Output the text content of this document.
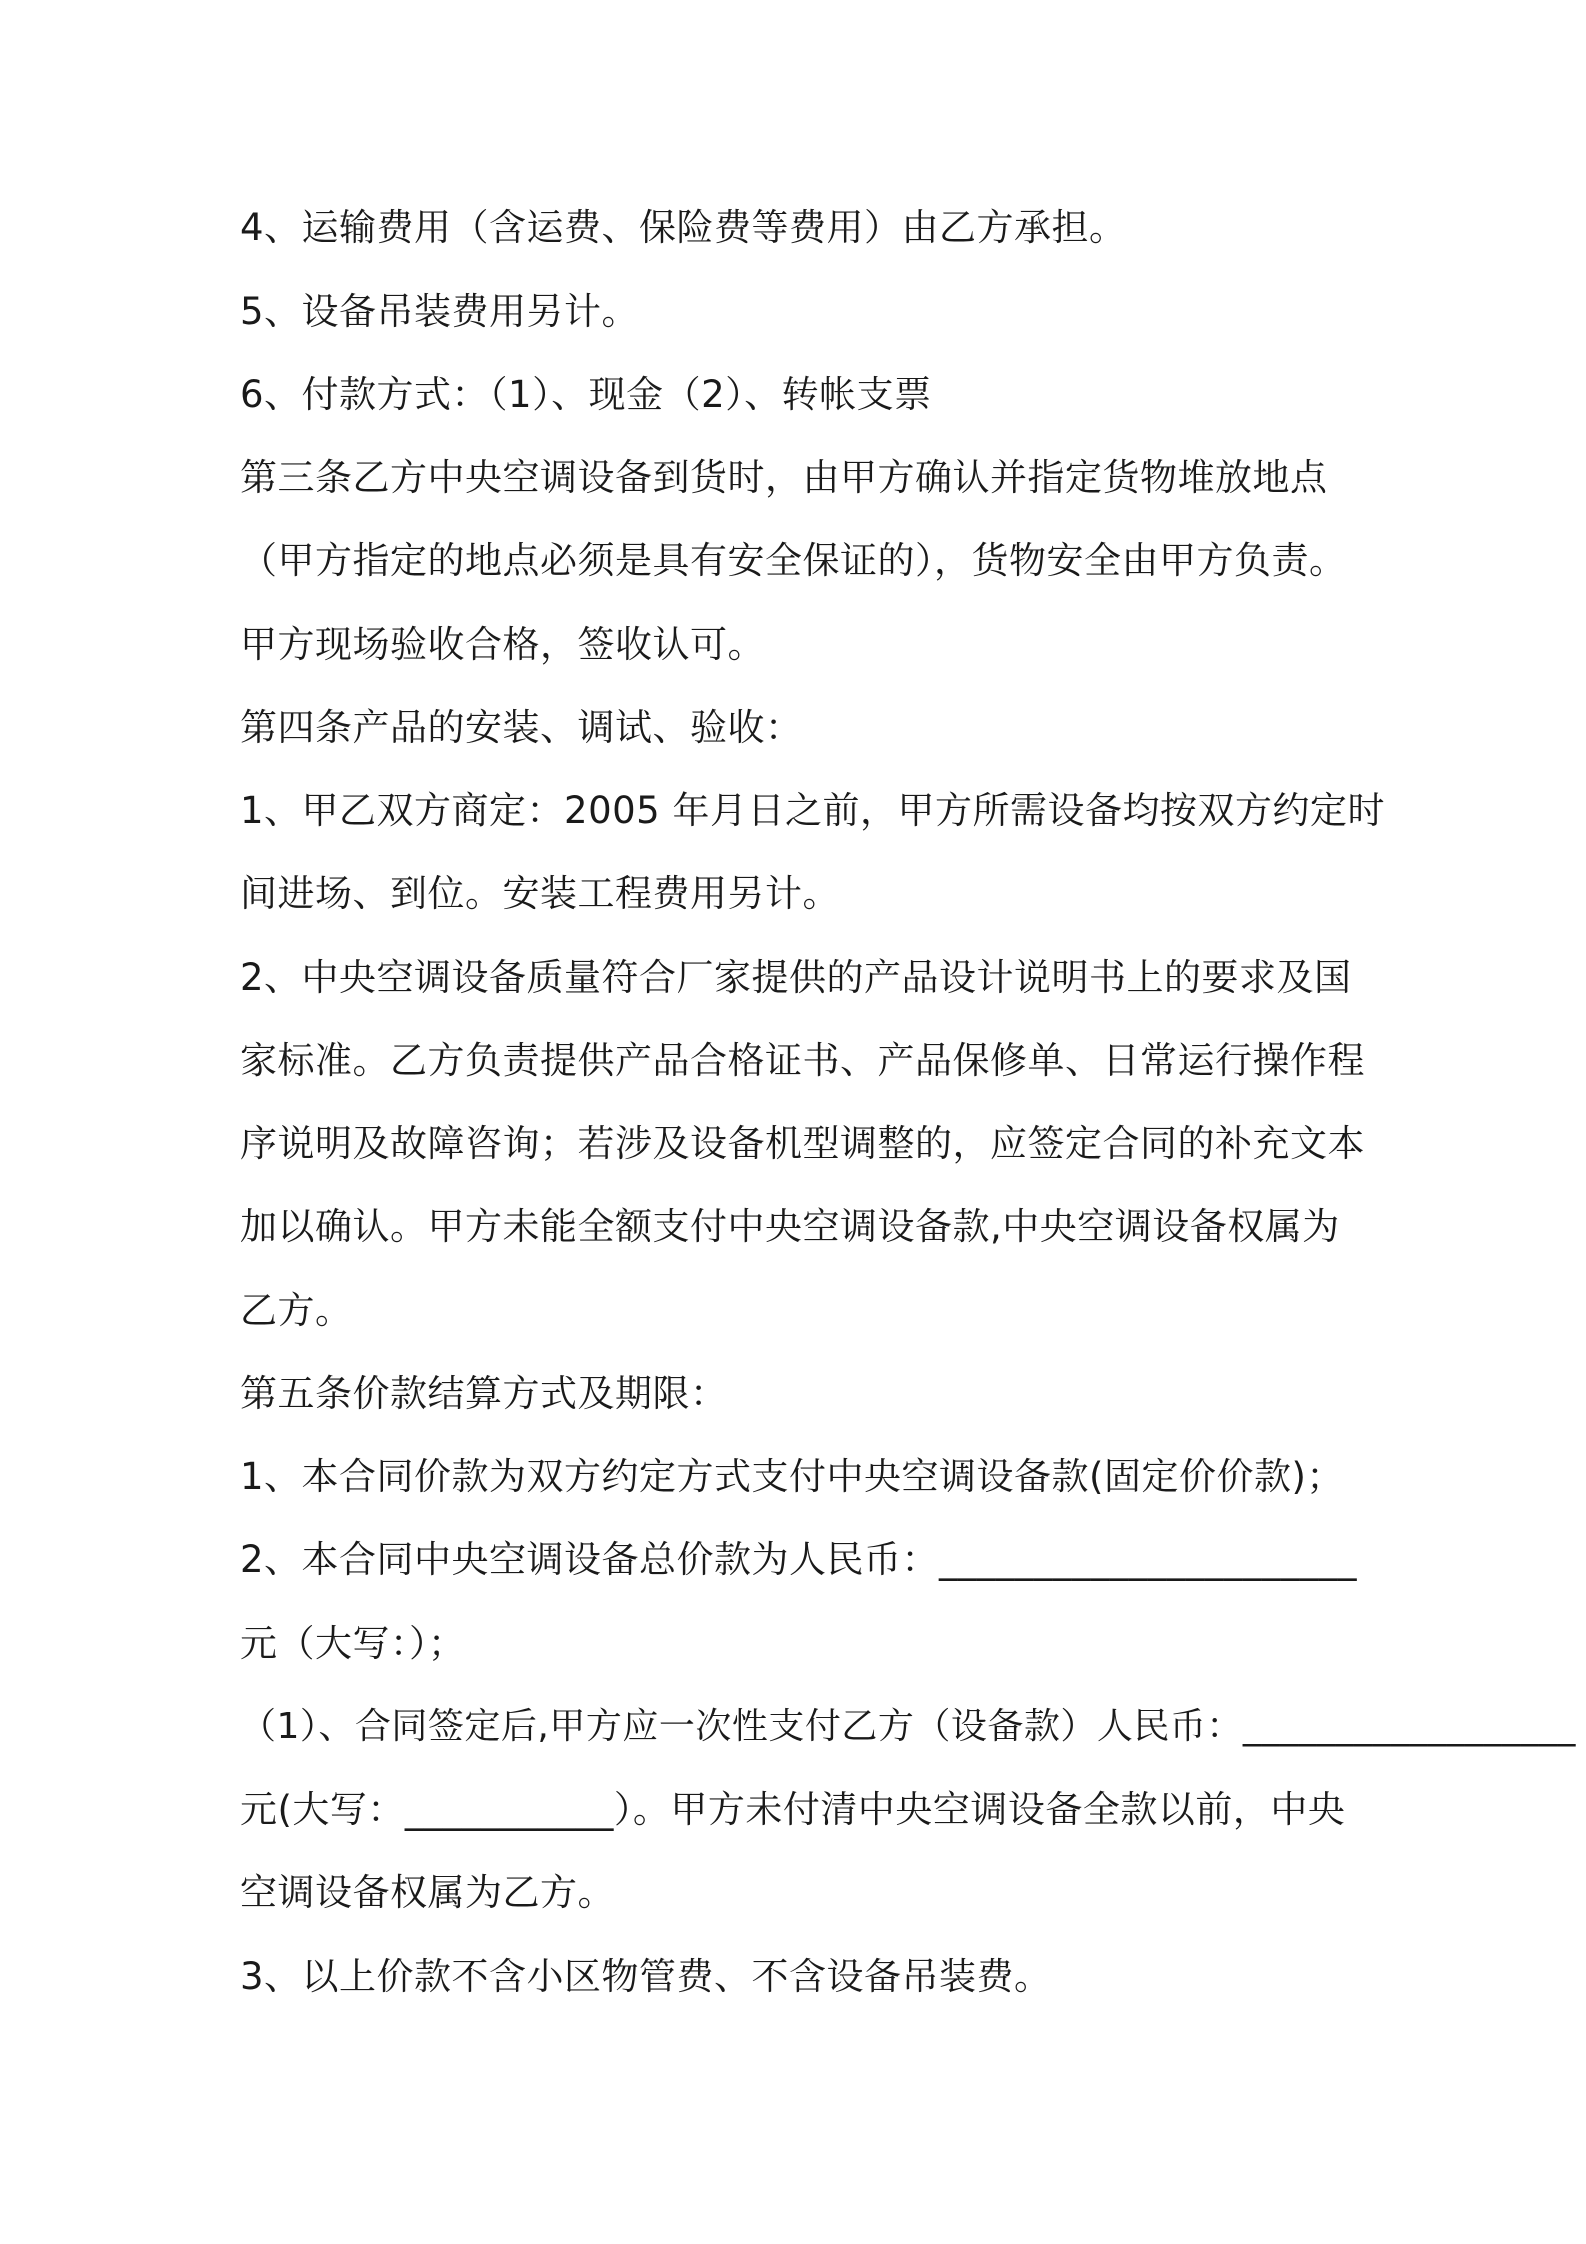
4、运输费用（含运费、保险费等费用）由乙方承担。
5、设备吊装费用另计。
6、付款方式：（1）、现金（2）、转帐支票
第三条乙方中央空调设备到货时，由甲方确认并指定货物堆放地点
（甲方指定的地点必须是具有安全保证的），货物安全由甲方负责。
甲方现场验收合格，签收认可。
第四条产品的安装、调试、验收：
1、甲乙双方商定：2005 年月日之前，甲方所需设备均按双方约定时
间进场、到位。安装工程费用另计。
2、中央空调设备质量符合厂家提供的产品设计说明书上的要求及国
家标准。乙方负责提供产品合格证书、产品保修单、日常运行操作程
序说明及故障咨询；若涉及设备机型调整的，应签定合同的补充文本
加以确认。甲方未能全额支付中央空调设备款,中央空调设备权属为
乙方。
第五条价款结算方式及期限：
1、本合同价款为双方约定方式支付中央空调设备款(固定价价款)；
2、本合同中央空调设备总价款为人民币：______________________
元（大写：）；
（1）、合同签定后,甲方应一次性支付乙方（设备款）人民币：__________________
元(大写：___________）。甲方未付清中央空调设备全款以前，中央
空调设备权属为乙方。
3、以上价款不含小区物管费、不含设备吊装费。
